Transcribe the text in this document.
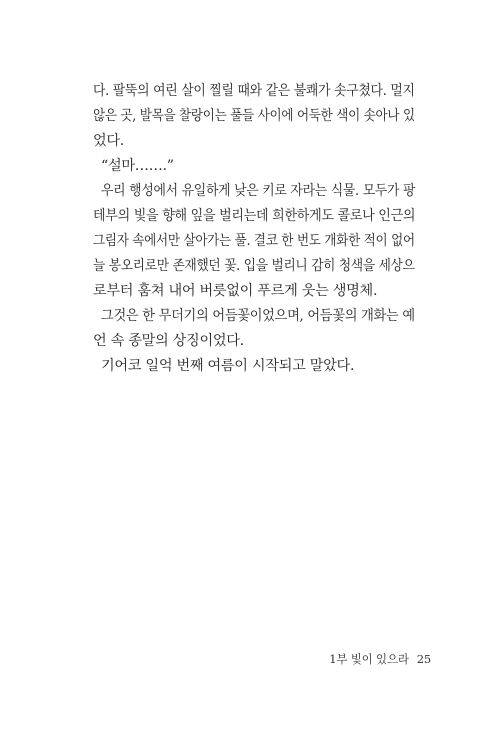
다. 팔뚝의 여린 살이 찔릴 때와 같은 불쾌가 솟구쳤다. 멀지
않은 곳, 발목을 찰랑이는 풀들 사이에 어둑한 색이 솟아나 있
었다.
“설마…….”
우리 행성에서 유일하게 낮은 키로 자라는 식물. 모두가 팡
테부의 빛을 향해 잎을 벌리는데 희한하게도 콜로나 인근의
그림자 속에서만 살아가는 풀. 결코 한 번도 개화한 적이 없어
늘 봉오리로만 존재했던 꽃. 입을 벌리니 감히 청색을 세상으
로부터 훔쳐 내어 버릇없이 푸르게 웃는 생명체.
그것은 한 무더기의 어듬꽃이었으며, 어듬꽃의 개화는 예
언 속 종말의 상징이었다.
기어코 일억 번째 여름이 시작되고 말았다.
1부 빛이 있으라 25
